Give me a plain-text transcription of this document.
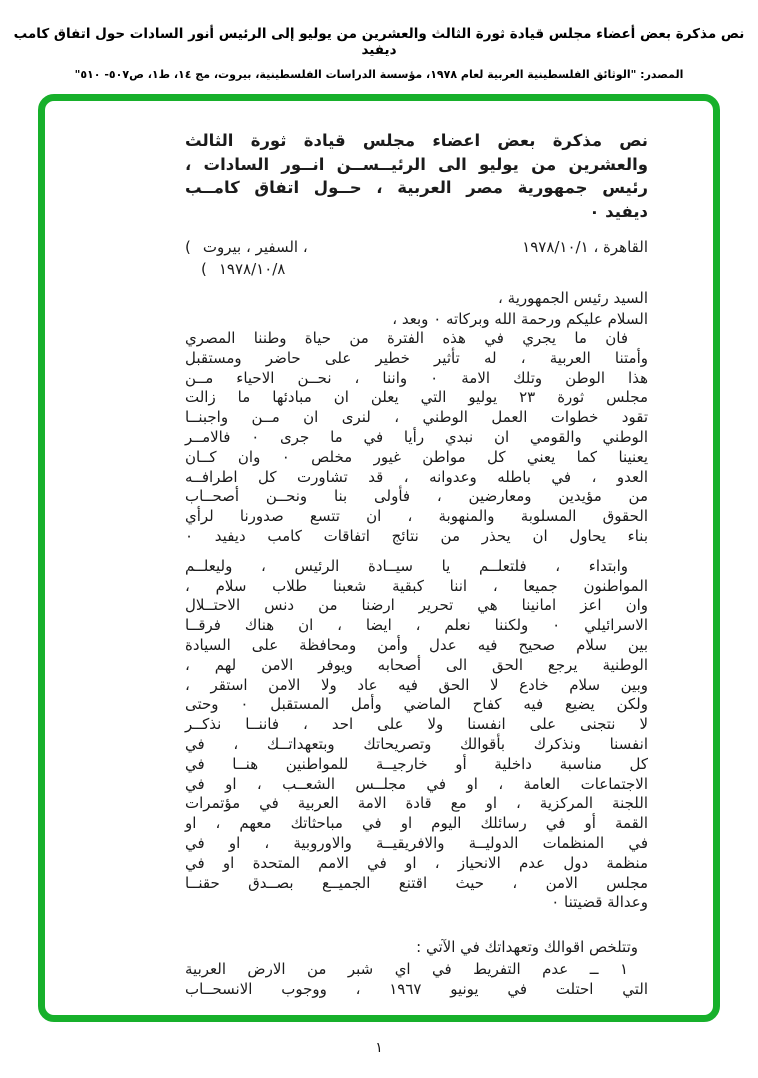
نص مذكرة بعض أعضاء مجلس قيادة ثورة الثالث والعشرين من يوليو إلى الرئيس أنور السادات حول اتفاق كامب ديفيد
المصدر: "الوثائق الفلسطينية العربية لعام ١٩٧٨، مؤسسة الدراسات الفلسطينية، بيروت، مج ١٤، ط١، ص٥٠٧- ٥١٠"
نص مذكرة بعض اعضاء مجلس قيادة ثورة الثالث
والعشرين من يوليو الى الرئيــســن انــور السادات ،
رئيس جمهورية مصر العربية ، حــول اتفاق كامــب
ديفيد ٠
القاهرة ، ١٩٧٨/١٠/١
( السفير ، بيروت ،
( ١٩٧٨/١٠/٨
السيد رئيس الجمهورية ،
السلام عليكم ورحمة الله وبركاته ٠ وبعد ،
فان ما يجري في هذه الفترة من حياة وطننا المصري
وأمتنا العربية ، له تأثير خطير على حاضر ومستقبل
هذا الوطن وتلك الامة ٠ واننا ، نحــن الاحياء مــن
مجلس ثورة ٢٣ يوليو التي يعلن ان مبادئها ما زالت
تقود خطوات العمل الوطني ، لنرى ان مــن واجبنــا
الوطني والقومي ان نبدي رأيا في ما جرى ٠ فالامــر
يعنينا كما يعني كل مواطن غيور مخلص ٠ وان كــان
العدو ، في باطله وعدوانه ، قد تشاورت كل اطرافــه
من مؤيدين ومعارضين ، فأولى بنا ونحــن أصحــاب
الحقوق المسلوبة والمنهوبة ، ان تتسع صدورنا لرأي
بناء يحاول ان يحذر من نتائج اتفاقات كامب ديفيد ٠
وابتداء ، فلتعلــم يا سيــادة الرئيس ، وليعلــم
المواطنون جميعا ، اننا كبقية شعبنا طلاب سلام ،
وان اعز امانينا هي تحرير ارضنا من دنس الاحتــلال
الاسرائيلي ٠ ولكننا نعلم ، ايضا ، ان هناك فرقــا
بين سلام صحيح فيه عدل وأمن ومحافظة على السيادة
الوطنية يرجع الحق الى أصحابه ويوفر الامن لهم ،
وبين سلام خادع لا الحق فيه عاد ولا الامن استقر ،
ولكن يضيع فيه كفاح الماضي وأمل المستقبل ٠ وحتى
لا نتجنى على انفسنا ولا على احد ، فاننــا نذكــر
انفسنا ونذكرك بأقوالك وتصريحاتك وبتعهداتــك ، في
كل مناسبة داخلية أو خارجيــة للمواطنين هنــا في
الاجتماعات العامة ، او في مجلــس الشعــب ، او في
اللجنة المركزية ، او مع قادة الامة العربية في مؤتمرات
القمة أو في رسائلك اليوم او في مباحثاتك معهم ، او
في المنظمات الدوليــة والافريقيــة والاوروبية ، او في
منظمة دول عدم الانحياز ، او في الامم المتحدة او في
مجلس الامن ، حيث اقتنع الجميــع بصــدق حقنــا
وعدالة قضيتنا ٠
وتتلخص اقوالك وتعهداتك في الآتي :
١ ــ عدم التفريط في اي شبر من الارض العربية
التي احتلت في يونيو ١٩٦٧ ، ووجوب الانسحــاب
١
